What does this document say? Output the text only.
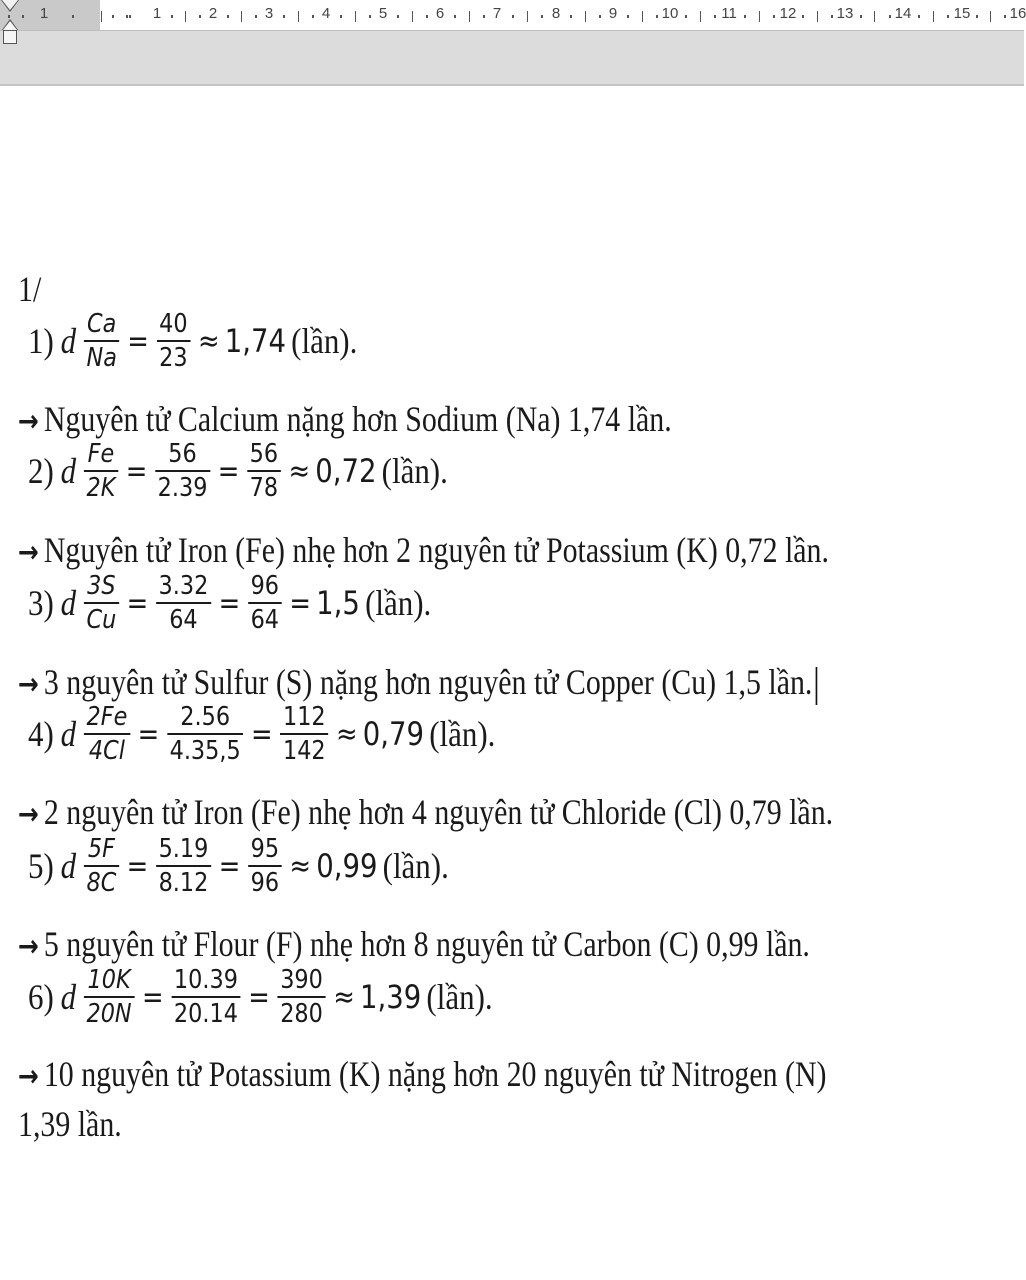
1	1	2	3	4	5	6	7	8	9	10	11	12	13	14	15	16
1/
1) d $\frac{Ca}{Na} = \frac{40}{23} \approx 1,74$ (lần).
→ Nguyên tử Calcium nặng hơn Sodium (Na) 1,74 lần.
2) d $\frac{Fe}{2K} = \frac{56}{2.39} = \frac{56}{78} \approx 0,72$ (lần).
→ Nguyên tử Iron (Fe) nhẹ hơn 2 nguyên tử Potassium (K) 0,72 lần.
3) d $\frac{3S}{Cu} = \frac{3.32}{64} = \frac{96}{64} = 1,5$ (lần).
→ 3 nguyên tử Sulfur (S) nặng hơn nguyên tử Copper (Cu) 1,5 lần.
4) d $\frac{2Fe}{4Cl} = \frac{2.56}{4.35,5} = \frac{112}{142} \approx 0,79$ (lần).
→ 2 nguyên tử Iron (Fe) nhẹ hơn 4 nguyên tử Chloride (Cl) 0,79 lần.
5) d $\frac{5F}{8C} = \frac{5.19}{8.12} = \frac{95}{96} \approx 0,99$ (lần).
→ 5 nguyên tử Flour (F) nhẹ hơn 8 nguyên tử Carbon (C) 0,99 lần.
6) d $\frac{10K}{20N} = \frac{10.39}{20.14} = \frac{390}{280} \approx 1,39$ (lần).
→ 10 nguyên tử Potassium (K) nặng hơn 20 nguyên tử Nitrogen (N)
1,39 lần.
